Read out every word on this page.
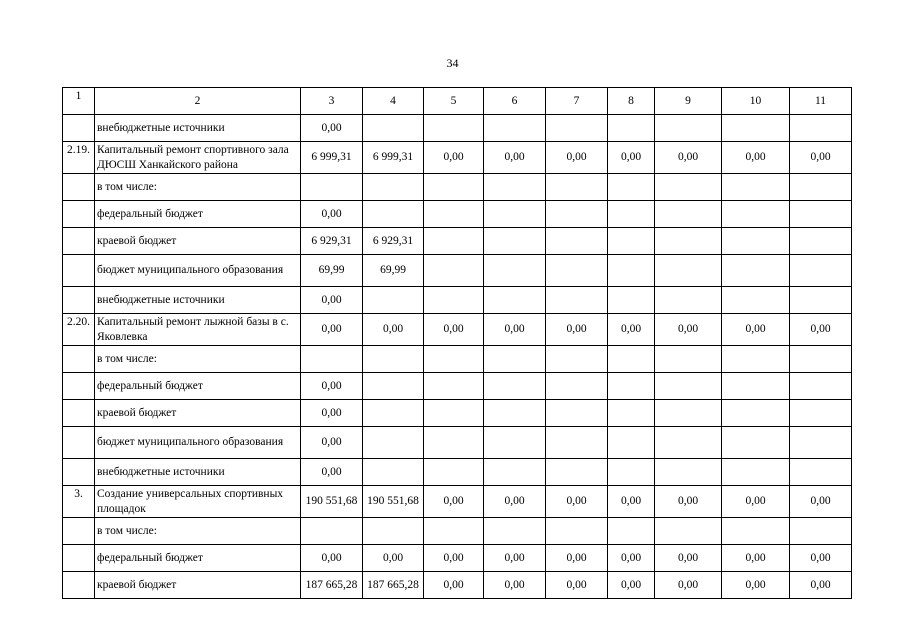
34
1	2	3	4	5	6	7	8	9	10	11
	внебюджетные источники	0,00								
2.19.	Капитальный ремонт спортивного зала ДЮСШ Ханкайского района	6 999,31	6 999,31	0,00	0,00	0,00	0,00	0,00	0,00	0,00
	в том числе:									
	федеральный бюджет	0,00								
	краевой бюджет	6 929,31	6 929,31							
	бюджет муниципального образования	69,99	69,99							
	внебюджетные источники	0,00								
2.20.	Капитальный ремонт лыжной базы в с. Яковлевка	0,00	0,00	0,00	0,00	0,00	0,00	0,00	0,00	0,00
	в том числе:									
	федеральный бюджет	0,00								
	краевой бюджет	0,00								
	бюджет муниципального образования	0,00								
	внебюджетные источники	0,00								
3.	Создание универсальных спортивных площадок	190 551,68	190 551,68	0,00	0,00	0,00	0,00	0,00	0,00	0,00
	в том числе:									
	федеральный бюджет	0,00	0,00	0,00	0,00	0,00	0,00	0,00	0,00	0,00
	краевой бюджет	187 665,28	187 665,28	0,00	0,00	0,00	0,00	0,00	0,00	0,00
